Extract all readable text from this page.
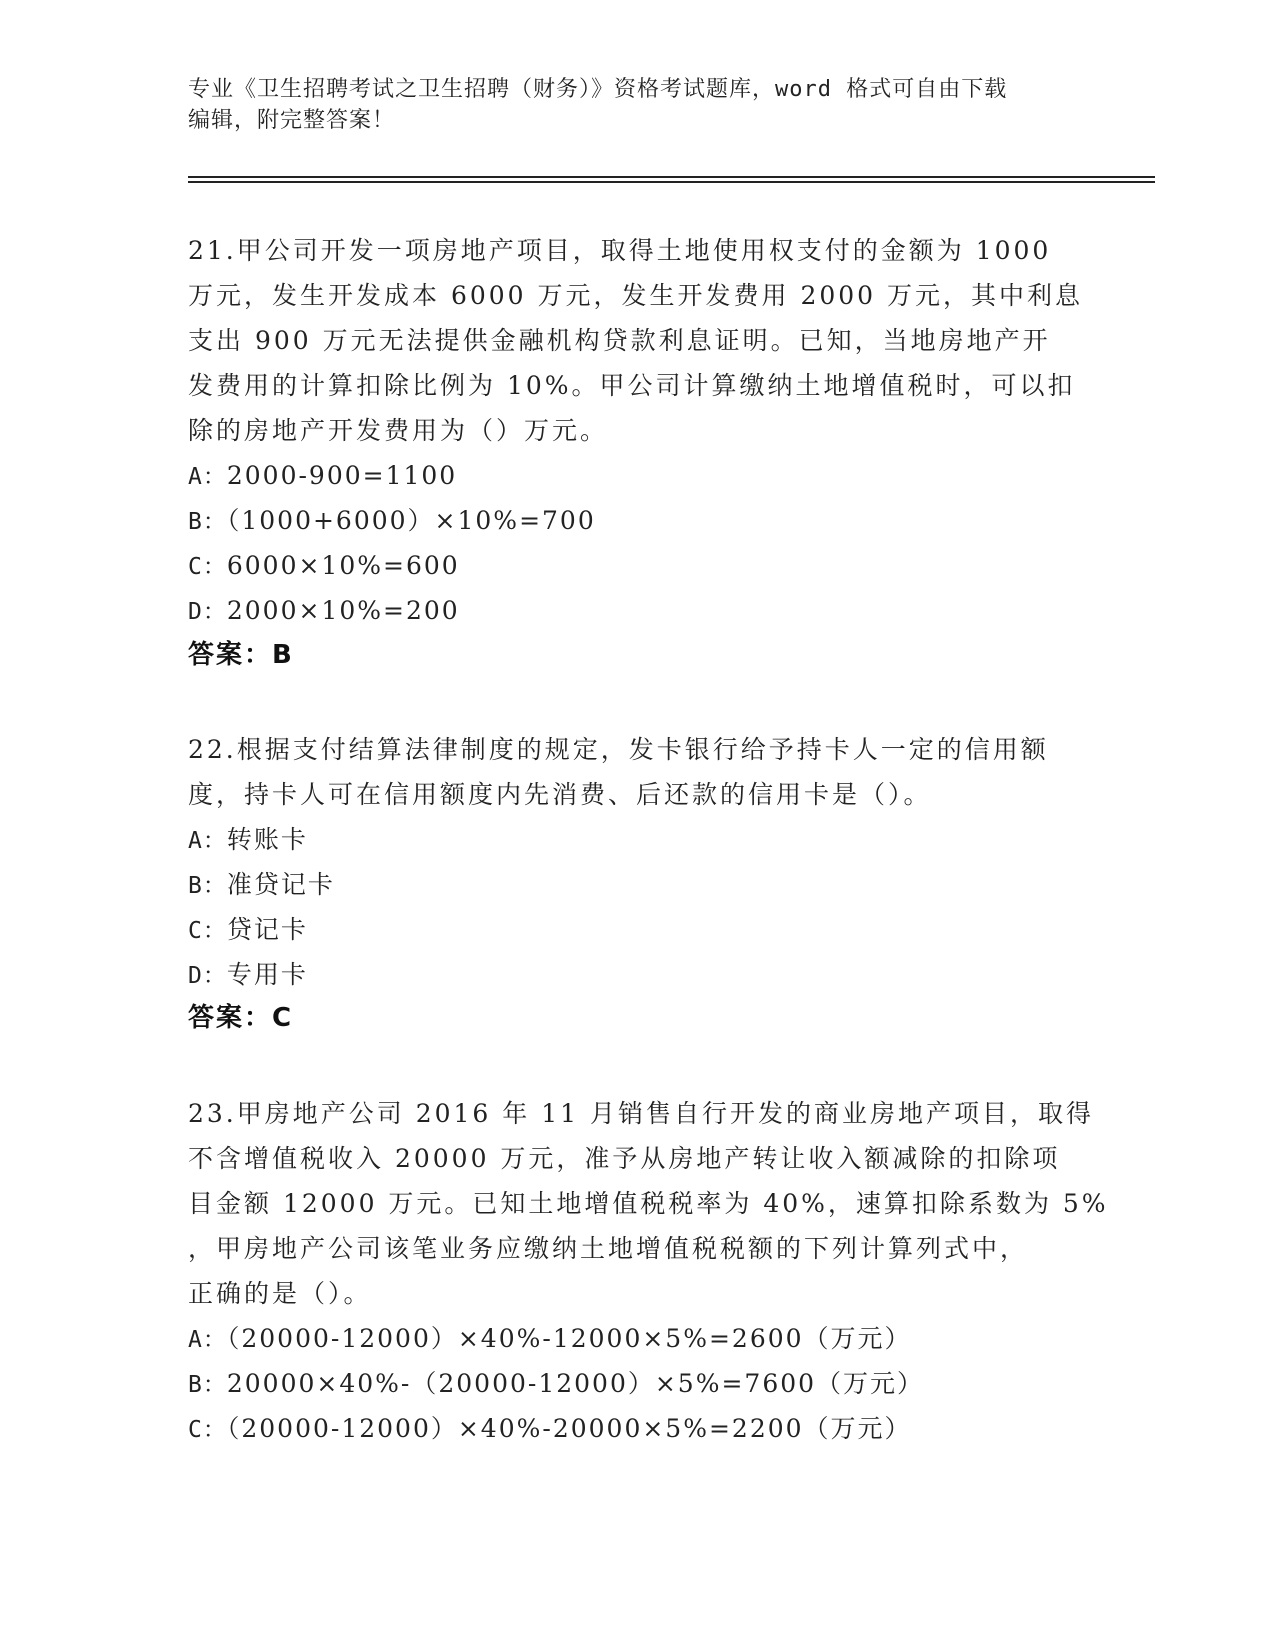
专业《卫生招聘考试之卫生招聘（财务）》资格考试题库，word 格式可自由下载
编辑，附完整答案！
21.甲公司开发一项房地产项目，取得土地使用权支付的金额为 1000
万元，发生开发成本 6000 万元，发生开发费用 2000 万元，其中利息
支出 900 万元无法提供金融机构贷款利息证明。已知，当地房地产开
发费用的计算扣除比例为 10%。甲公司计算缴纳土地增值税时，可以扣
除的房地产开发费用为（）万元。
A：2000-900=1100
B：（1000+6000）×10%=700
C：6000×10%=600
D：2000×10%=200
答案：B
22.根据支付结算法律制度的规定，发卡银行给予持卡人一定的信用额
度，持卡人可在信用额度内先消费、后还款的信用卡是（）。
A：转账卡
B：准贷记卡
C：贷记卡
D：专用卡
答案：C
23.甲房地产公司 2016 年 11 月销售自行开发的商业房地产项目，取得
不含增值税收入 20000 万元，准予从房地产转让收入额减除的扣除项
目金额 12000 万元。已知土地增值税税率为 40%，速算扣除系数为 5%
，甲房地产公司该笔业务应缴纳土地增值税税额的下列计算列式中，
正确的是（）。
A：（20000-12000）×40%-12000×5%=2600（万元）
B：20000×40%-（20000-12000）×5%=7600（万元）
C：（20000-12000）×40%-20000×5%=2200（万元）
